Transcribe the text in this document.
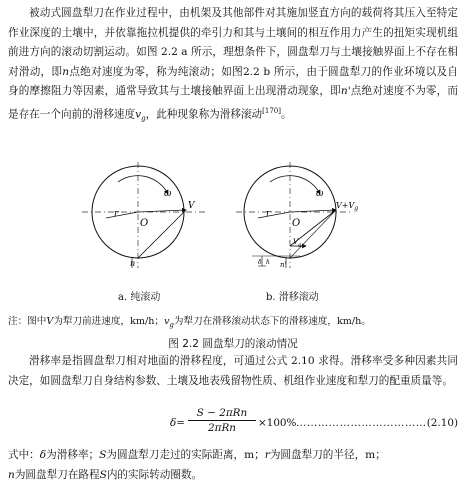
被动式圆盘犁刀在作业过程中，由机架及其他部件对其施加竖直方向的载荷将其压入至特定作业深度的土壤中，并依靠拖拉机提供的牵引力和其与土壤间的相互作用力产生的扭矩实现机组前进方向的滚动切割运动。如图 2.2 a 所示，理想条件下，圆盘犁刀与土壤接触界面上不存在相对滑动，即n点绝对速度为零，称为纯滚动；如图2.2 b 所示，由于圆盘犁刀的作业环境以及自身的摩擦阻力等因素，通常导致其与土壤接触界面上出现滑动现象，即n'点绝对速度不为零，而是存在一个向前的滑移速度$v_g$，此种现象称为滑移滚动[170]。
ω
O
r
V
n
ω
O
r
$V+V_g$
$V_g$
n'
δ h
a. 纯滚动	b. 滑移滚动
注：图中V为犁刀前进速度，km/h；$v_g$为犁刀在滑移滚动状态下的滑移速度，km/h。
图 2.2 圆盘犁刀的滚动情况
滑移率是指圆盘犁刀相对地面的滑移程度，可通过公式 2.10 求得。滑移率受多种因素共同决定，如圆盘犁刀自身结构参数、土壤及地表残留物性质、机组作业速度和犁刀的配重质量等。
δ=
S − 2πRn
2πRn	×100% ……………………………… (2.10)
式中：δ为滑移率；S为圆盘犁刀走过的实际距离，m；r为圆盘犁刀的半径，m；
n为圆盘犁刀在路程S内的实际转动圈数。
